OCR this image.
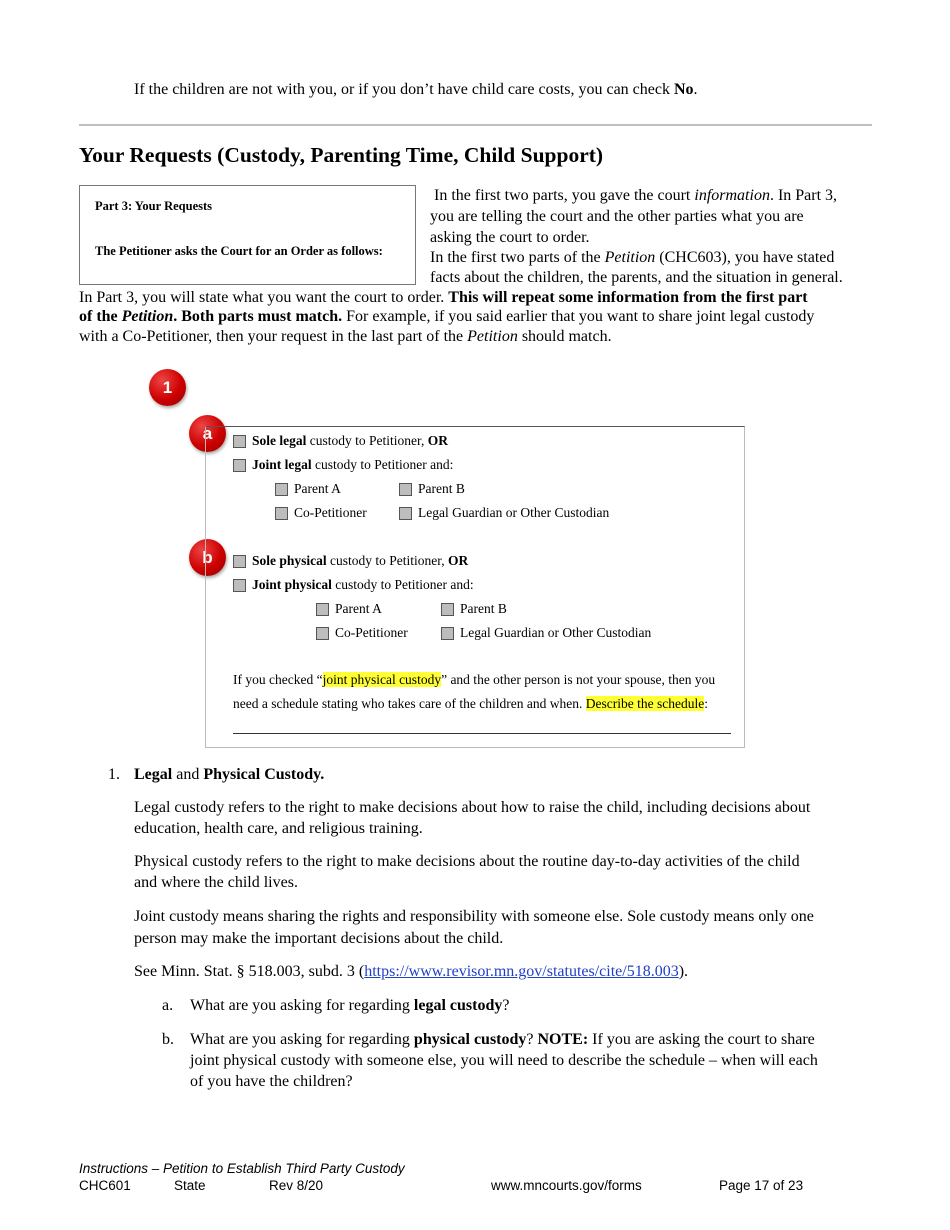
If the children are not with you, or if you don’t have child care costs, you can check No.
Your Requests (Custody, Parenting Time, Child Support)
Part 3: Your Requests
The Petitioner asks the Court for an Order as follows:
In the first two parts, you gave the court information. In Part 3,
you are telling the court and the other parties what you are
asking the court to order.
In the first two parts of the Petition (CHC603), you have stated
facts about the children, the parents, and the situation in general.
In Part 3, you will state what you want the court to order. This will repeat some information from the first part
of the Petition. Both parts must match. For example, if you said earlier that you want to share joint legal custody
with a Co-Petitioner, then your request in the last part of the Petition should match.
1
a
b
Sole legal custody to Petitioner, OR
Joint legal custody to Petitioner and:
Parent A	Parent B
Co-Petitioner	Legal Guardian or Other Custodian
Sole physical custody to Petitioner, OR
Joint physical custody to Petitioner and:
Parent A	Parent B
Co-Petitioner	Legal Guardian or Other Custodian
If you checked “joint physical custody” and the other person is not your spouse, then you
need a schedule stating who takes care of the children and when. Describe the schedule:
1. Legal and Physical Custody.
Legal custody refers to the right to make decisions about how to raise the child, including decisions about
education, health care, and religious training.
Physical custody refers to the right to make decisions about the routine day-to-day activities of the child
and where the child lives.
Joint custody means sharing the rights and responsibility with someone else. Sole custody means only one
person may make the important decisions about the child.
See Minn. Stat. § 518.003, subd. 3 (https://www.revisor.mn.gov/statutes/cite/518.003).
a. What are you asking for regarding legal custody?
b. What are you asking for regarding physical custody? NOTE: If you are asking the court to share
joint physical custody with someone else, you will need to describe the schedule – when will each
of you have the children?
Instructions – Petition to Establish Third Party Custody
CHC601	State	Rev 8/20	www.mncourts.gov/forms	Page 17 of 23
